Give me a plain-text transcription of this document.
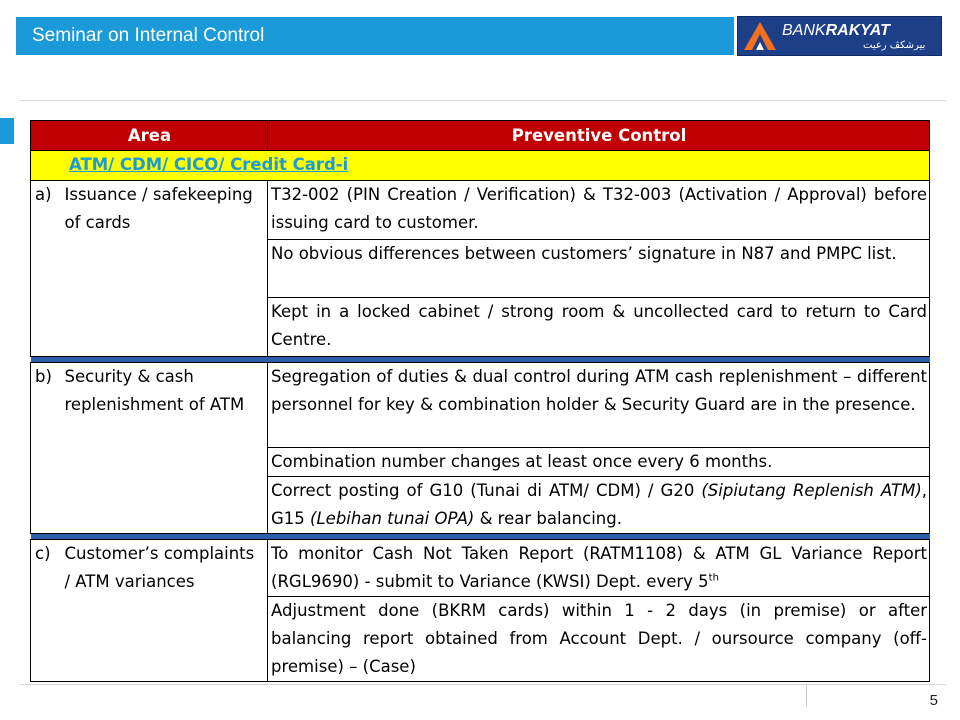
Seminar on Internal Control	BANKRAKYAT
بيرشكڤ رعيت
Area		Preventive Control
ATM/ CDM/ CICO/ Credit Card-i		
a)	Issuance / safekeeping of cards	T32-002 (PIN Creation / Verification) & T32-003 (Activation / Approval) before issuing card to customer.
		No obvious differences between customers’ signature in N87 and PMPC list.
		Kept in a locked cabinet / strong room & uncollected card to return to Card Centre.

b)	Security & cash replenishment of ATM	Segregation of duties & dual control during ATM cash replenishment – different personnel for key & combination holder & Security Guard are in the presence.
		Combination number changes at least once every 6 months.
		Correct posting of G10 (Tunai di ATM/ CDM) / G20 (Sipiutang Replenish ATM), G15 (Lebihan tunai OPA) & rear balancing.

c)	Customer’s complaints / ATM variances	To monitor Cash Not Taken Report (RATM1108) & ATM GL Variance Report (RGL9690) - submit to Variance (KWSI) Dept. every 5th
		Adjustment done (BKRM cards) within 1 - 2 days (in premise) or after balancing report obtained from Account Dept. / oursource company (off-premise) – (Case)
5
